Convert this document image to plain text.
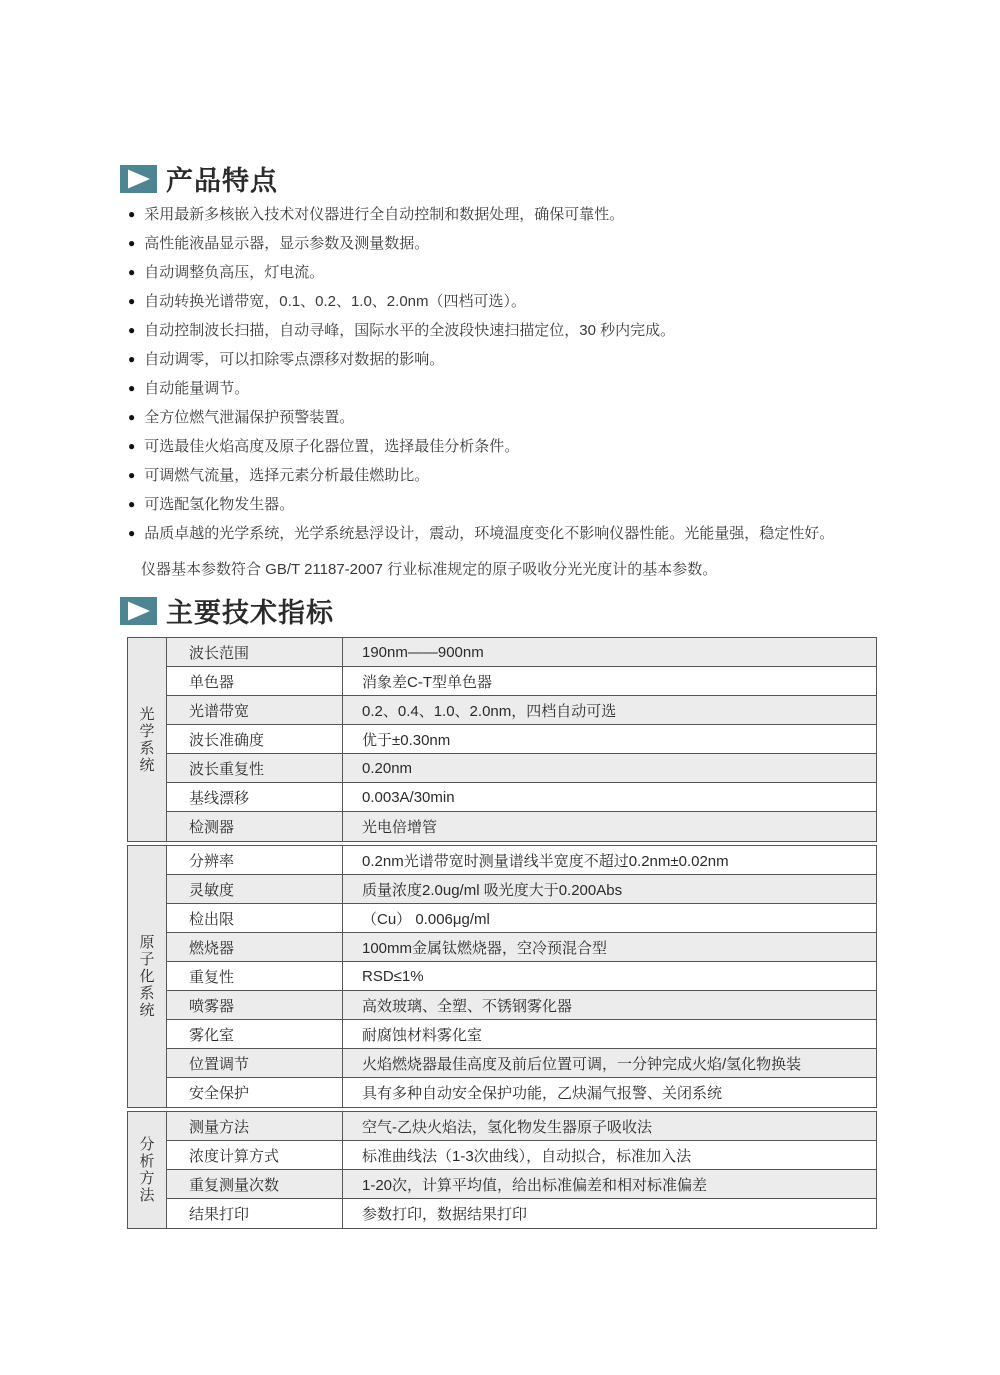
产品特点
● 采用最新多核嵌入技术对仪器进行全自动控制和数据处理，确保可靠性。
● 高性能液晶显示器，显示参数及测量数据。
● 自动调整负高压，灯电流。
● 自动转换光谱带宽，0.1、0.2、1.0、2.0nm（四档可选）。
● 自动控制波长扫描，自动寻峰，国际水平的全波段快速扫描定位，30 秒内完成。
● 自动调零，可以扣除零点漂移对数据的影响。
● 自动能量调节。
● 全方位燃气泄漏保护预警装置。
● 可选最佳火焰高度及原子化器位置，选择最佳分析条件。
● 可调燃气流量，选择元素分析最佳燃助比。
● 可选配氢化物发生器。
● 品质卓越的光学系统，光学系统悬浮设计，震动，环境温度变化不影响仪器性能。光能量强，稳定性好。

仪器基本参数符合 GB/T 21187-2007 行业标准规定的原子吸收分光光度计的基本参数。

主要技术指标
光
学
系
统
波长范围	190nm——900nm
单色器	消象差C-T型单色器
光谱带宽	0.2、0.4、1.0、2.0nm，四档自动可选
波长准确度	优于±0.30nm
波长重复性	0.20nm
基线漂移	0.003A/30min
检测器	光电倍增管
原
子
化
系
统
分辨率	0.2nm光谱带宽时测量谱线半宽度不超过0.2nm±0.02nm
灵敏度	质量浓度2.0ug/ml 吸光度大于0.200Abs
检出限	（Cu） 0.006μg/ml
燃烧器	100mm金属钛燃烧器，空冷预混合型
重复性	RSD≤1%
喷雾器	高效玻璃、全塑、不锈钢雾化器
雾化室	耐腐蚀材料雾化室
位置调节	火焰燃烧器最佳高度及前后位置可调，一分钟完成火焰/氢化物换装
安全保护	具有多种自动安全保护功能，乙炔漏气报警、关闭系统
分
析
方
法
测量方法	空气-乙炔火焰法，氢化物发生器原子吸收法
浓度计算方式	标准曲线法（1-3次曲线），自动拟合，标准加入法
重复测量次数	1-20次，计算平均值，给出标准偏差和相对标准偏差
结果打印	参数打印，数据结果打印
